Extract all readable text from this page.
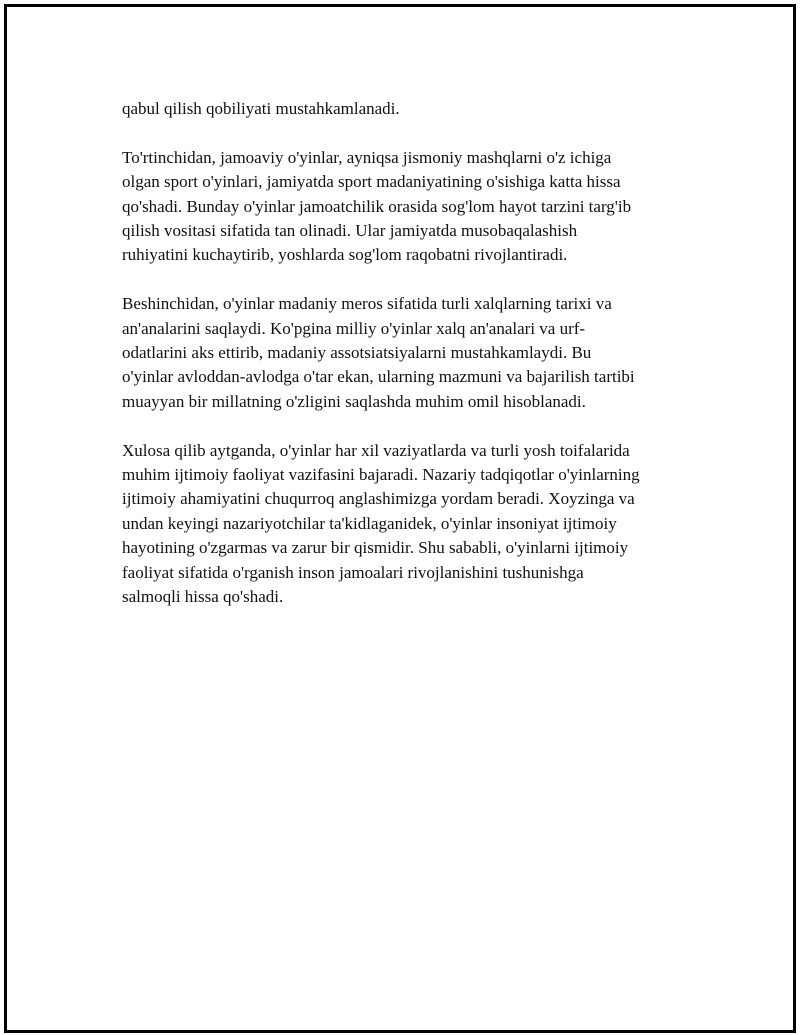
qabul qilish qobiliyati mustahkamlanadi.

To'rtinchidan, jamoaviy o'yinlar, ayniqsa jismoniy mashqlarni o'z ichiga
olgan sport o'yinlari, jamiyatda sport madaniyatining o'sishiga katta hissa
qo'shadi. Bunday o'yinlar jamoatchilik orasida sog'lom hayot tarzini targ'ib
qilish vositasi sifatida tan olinadi. Ular jamiyatda musobaqalashish
ruhiyatini kuchaytirib, yoshlarda sog'lom raqobatni rivojlantiradi.

Beshinchidan, o'yinlar madaniy meros sifatida turli xalqlarning tarixi va
an'analarini saqlaydi. Ko'pgina milliy o'yinlar xalq an'analari va urf-
odatlarini aks ettirib, madaniy assotsiatsiyalarni mustahkamlaydi. Bu
o'yinlar avloddan-avlodga o'tar ekan, ularning mazmuni va bajarilish tartibi
muayyan bir millatning o'zligini saqlashda muhim omil hisoblanadi.

Xulosa qilib aytganda, o'yinlar har xil vaziyatlarda va turli yosh toifalarida
muhim ijtimoiy faoliyat vazifasini bajaradi. Nazariy tadqiqotlar o'yinlarning
ijtimoiy ahamiyatini chuqurroq anglashimizga yordam beradi. Xoyzinga va
undan keyingi nazariyotchilar ta'kidlaganidek, o'yinlar insoniyat ijtimoiy
hayotining o'zgarmas va zarur bir qismidir. Shu sababli, o'yinlarni ijtimoiy
faoliyat sifatida o'rganish inson jamoalari rivojlanishini tushunishga
salmoqli hissa qo'shadi.
